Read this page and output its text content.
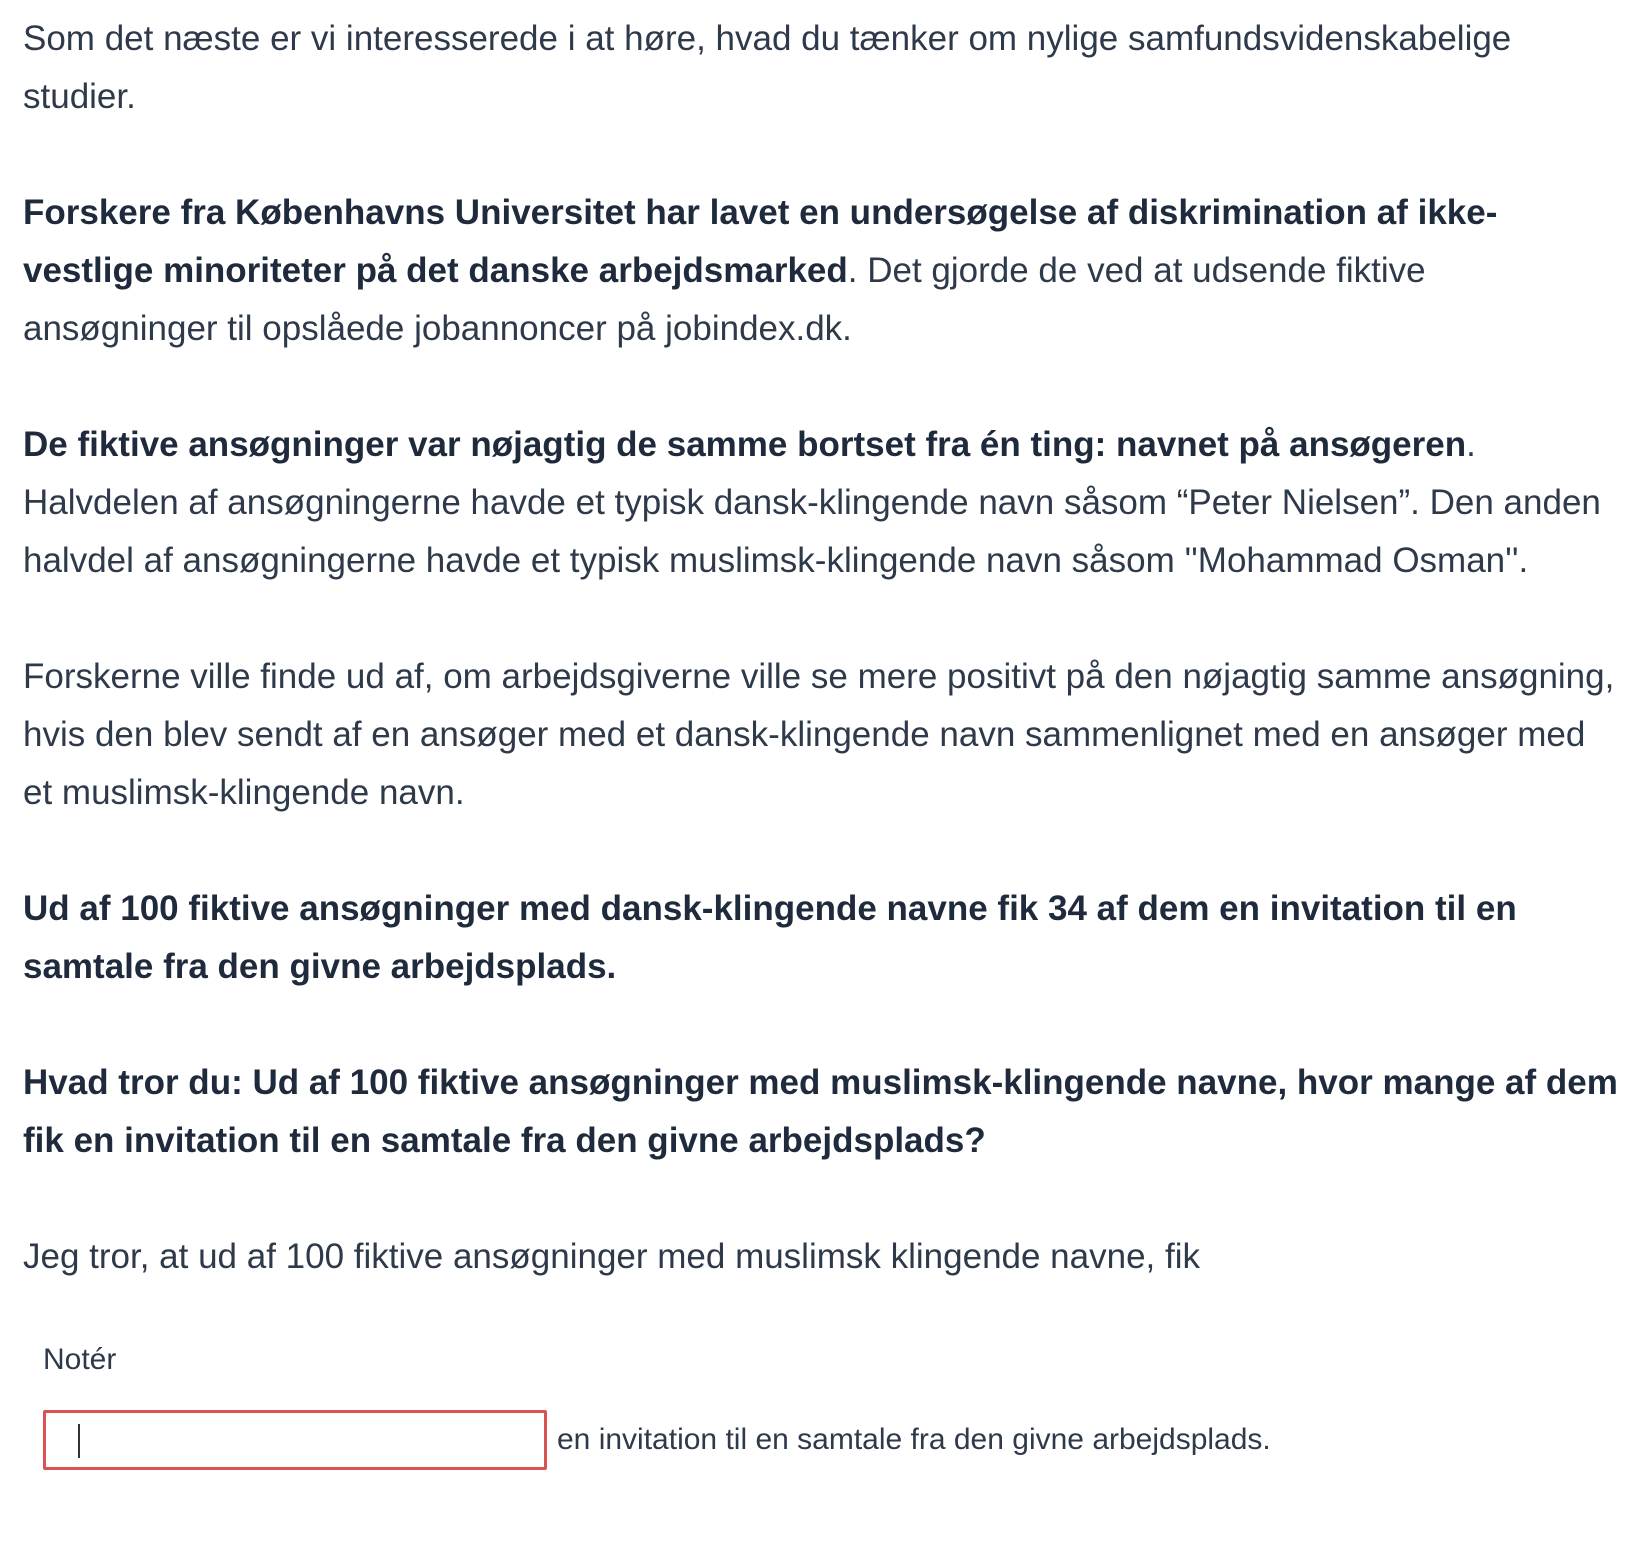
Som det næste er vi interesserede i at høre, hvad du tænker om nylige samfundsvidenskabelige studier.

Forskere fra Københavns Universitet har lavet en undersøgelse af diskrimination af ikke-vestlige minoriteter på det danske arbejdsmarked. Det gjorde de ved at udsende fiktive ansøgninger til opslåede jobannoncer på jobindex.dk.

De fiktive ansøgninger var nøjagtig de samme bortset fra én ting: navnet på ansøgeren. Halvdelen af ansøgningerne havde et typisk dansk-klingende navn såsom “Peter Nielsen”. Den anden halvdel af ansøgningerne havde et typisk muslimsk-klingende navn såsom ''Mohammad Osman''.

Forskerne ville finde ud af, om arbejdsgiverne ville se mere positivt på den nøjagtig samme ansøgning, hvis den blev sendt af en ansøger med et dansk-klingende navn sammenlignet med en ansøger med et muslimsk-klingende navn.

Ud af 100 fiktive ansøgninger med dansk-klingende navne fik 34 af dem en invitation til en samtale fra den givne arbejdsplads.

Hvad tror du: Ud af 100 fiktive ansøgninger med muslimsk-klingende navne, hvor mange af dem fik en invitation til en samtale fra den givne arbejdsplads?

Jeg tror, at ud af 100 fiktive ansøgninger med muslimsk klingende navne, fik

Notér
en invitation til en samtale fra den givne arbejdsplads.
